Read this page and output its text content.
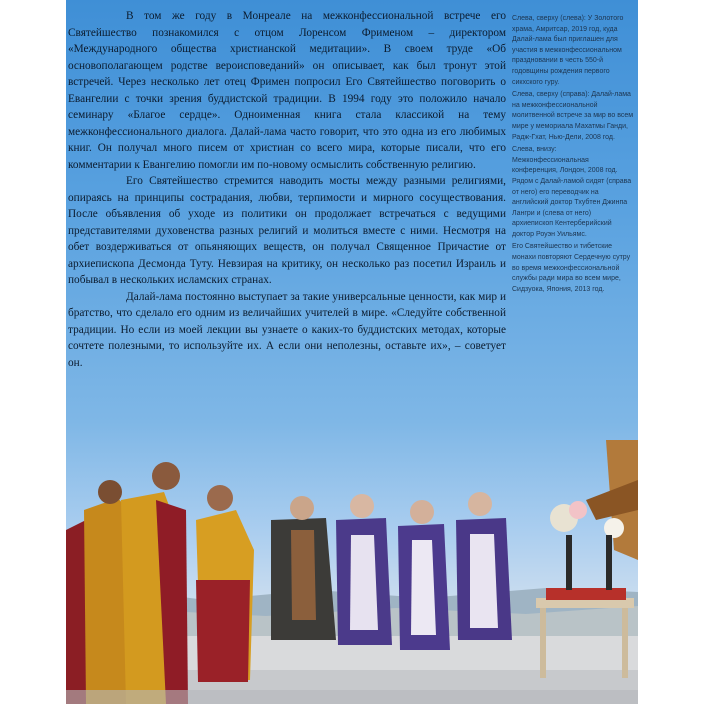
В том же году в Монреале на межконфессиональной встрече его Святейшество познакомился с отцом Лоренсом Фрименом – директором «Международного общества христианской медитации». В своем труде «Об основополагающем родстве вероисповеданий» он описывает, как был тронут этой встречей. Через несколько лет отец Фримен попросил Его Святейшество поговорить о Евангелии с точки зрения буддистской традиции. В 1994 году это положило начало семинару «Благое сердце». Одноименная книга стала классикой на тему межконфессионального диалога. Далай-лама часто говорит, что это одна из его любимых книг. Он получал много писем от христиан со всего мира, которые писали, что его комментарии к Евангелию помогли им по-новому осмыслить собственную религию.

Его Святейшество стремится наводить мосты между разными религиями, опираясь на принципы сострадания, любви, терпимости и мирного сосуществования. После объявления об уходе из политики он продолжает встречаться с ведущими представителями духовенства разных религий и молиться вместе с ними. Несмотря на обет воздерживаться от опьяняющих веществ, он получал Священное Причастие от архиепископа Десмонда Туту. Невзирая на критику, он несколько раз посетил Израиль и побывал в нескольких исламских странах.

Далай-лама постоянно выступает за такие универсальные ценности, как мир и братство, что сделало его одним из величайших учителей в мире. «Следуйте собственной традиции. Но если из моей лекции вы узнаете о каких-то буддистских методах, которые сочтете полезными, то используйте их. А если они неполезны, оставьте их», – советует он.

Слева, сверху (слева): У Золотого храма, Амритсар, 2019 год, куда Далай-лама был приглашен для участия в межконфессиональном праздновании в честь 550-й годовщины рождения первого сикхского гуру.

Слева, сверху (справа): Далай-лама на межконфессиональной молитвенной встрече за мир во всем мире у мемориала Махатмы Ганди, Радж-Гхат, Нью-Дели, 2008 год.

Слева, внизу: Межконфессиональная конференция, Лондон, 2008 год. Рядом с Далай-ламой сидят (справа от него) его переводчик на английский доктор Тхубтен Джинпа Лангри и (слева от него) архиепископ Кентерберийский доктор Роуэн Уильямс.

Его Святейшество и тибетские монахи повторяют Сердечную сутру во время межконфессиональной службы ради мира во всем мире, Сидзуока, Япония, 2013 год.
